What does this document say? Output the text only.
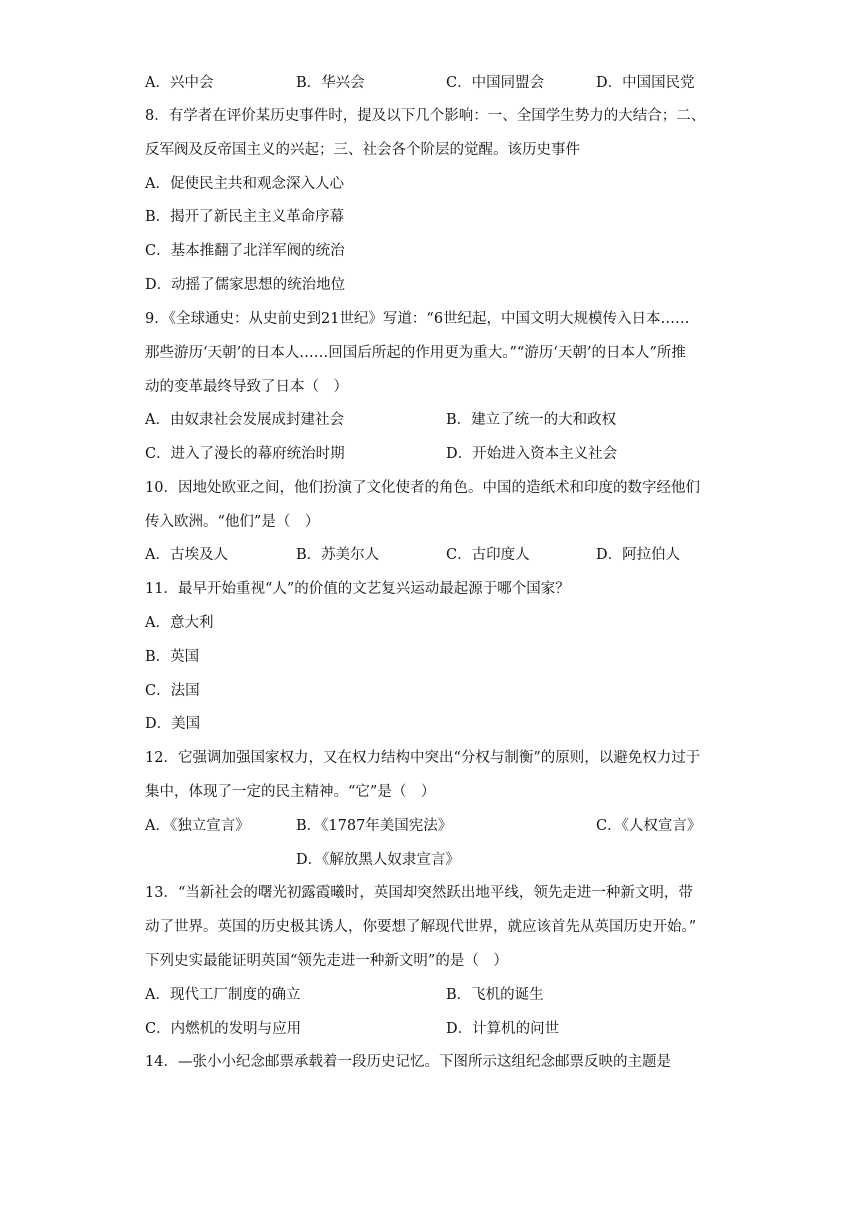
A．兴中会	B．华兴会	C．中国同盟会	D．中国国民党
8．有学者在评价某历史事件时，提及以下几个影响：一、全国学生势力的大结合；二、
反军阀及反帝国主义的兴起；三、社会各个阶层的觉醒。该历史事件
A．促使民主共和观念深入人心
B．揭开了新民主主义革命序幕
C．基本推翻了北洋军阀的统治
D．动摇了儒家思想的统治地位
9．《全球通史：从史前史到21世纪》写道：“6世纪起，中国文明大规模传入日本……
那些游历‘天朝’的日本人……回国后所起的作用更为重大。”“游历‘天朝’的日本人”所推
动的变革最终导致了日本（　）
A．由奴隶社会发展成封建社会	B．建立了统一的大和政权
C．进入了漫长的幕府统治时期	D．开始进入资本主义社会
10．因地处欧亚之间，他们扮演了文化使者的角色。中国的造纸术和印度的数字经他们
传入欧洲。“他们”是（　）
A．古埃及人	B．苏美尔人	C．古印度人	D．阿拉伯人
11．最早开始重视“人”的价值的文艺复兴运动最起源于哪个国家？
A．意大利
B．英国
C．法国
D．美国
12．它强调加强国家权力，又在权力结构中突出“分权与制衡”的原则，以避免权力过于
集中，体现了一定的民主精神。“它”是（　）
A．《独立宣言》	B．《1787年美国宪法》	C．《人权宣言》
D．《解放黑人奴隶宣言》
13．“当新社会的曙光初露霞曦时，英国却突然跃出地平线，领先走进一种新文明，带
动了世界。英国的历史极其诱人，你要想了解现代世界，就应该首先从英国历史开始。”
下列史实最能证明英国“领先走进一种新文明”的是（　）
A．现代工厂制度的确立	B．飞机的诞生
C．内燃机的发明与应用	D．计算机的问世
14．—张小小纪念邮票承载着一段历史记忆。下图所示这组纪念邮票反映的主题是
